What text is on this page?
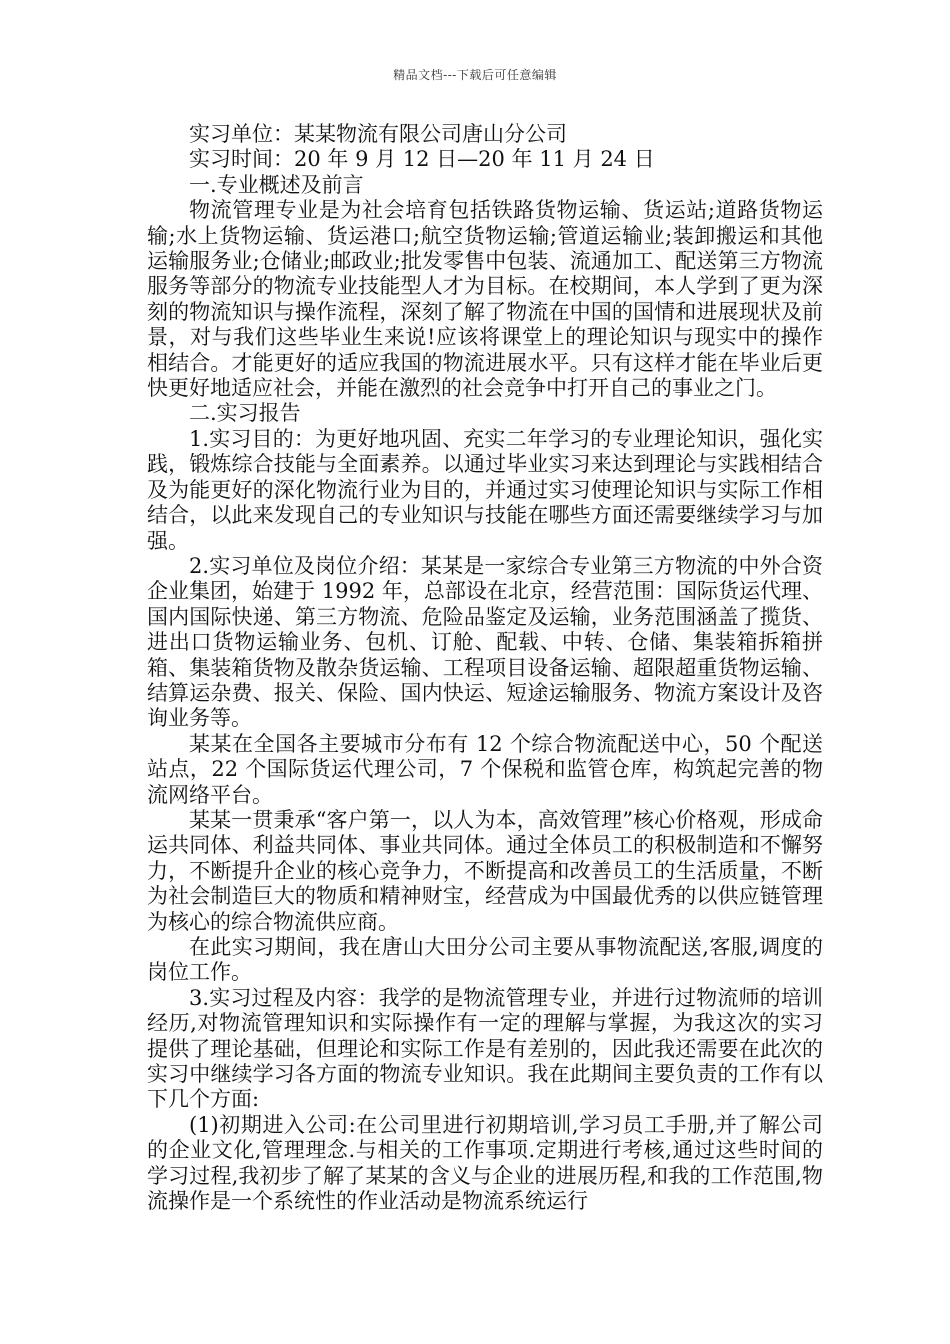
精品文档---下载后可任意编辑

实习单位：某某物流有限公司唐山分公司

实习时间：20 年 9 月 12 日—20 年 11 月 24 日

一.专业概述及前言

物流管理专业是为社会培育包括铁路货物运输、货运站;道路货物运输;水上货物运输、货运港口;航空货物运输;管道运输业;装卸搬运和其他运输服务业;仓储业;邮政业;批发零售中包装、流通加工、配送第三方物流服务等部分的物流专业技能型人才为目标。在校期间，本人学到了更为深刻的物流知识与操作流程，深刻了解了物流在中国的国情和进展现状及前景，对与我们这些毕业生来说!应该将课堂上的理论知识与现实中的操作相结合。才能更好的适应我国的物流进展水平。只有这样才能在毕业后更快更好地适应社会，并能在激烈的社会竞争中打开自己的事业之门。

二.实习报告

1.实习目的：为更好地巩固、充实二年学习的专业理论知识，强化实践，锻炼综合技能与全面素养。以通过毕业实习来达到理论与实践相结合及为能更好的深化物流行业为目的，并通过实习使理论知识与实际工作相结合，以此来发现自己的专业知识与技能在哪些方面还需要继续学习与加强。

2.实习单位及岗位介绍：某某是一家综合专业第三方物流的中外合资企业集团，始建于 1992 年，总部设在北京，经营范围：国际货运代理、国内国际快递、第三方物流、危险品鉴定及运输，业务范围涵盖了揽货、进出口货物运输业务、包机、订舱、配载、中转、仓储、集装箱拆箱拼箱、集装箱货物及散杂货运输、工程项目设备运输、超限超重货物运输、结算运杂费、报关、保险、国内快运、短途运输服务、物流方案设计及咨询业务等。

某某在全国各主要城市分布有 12 个综合物流配送中心，50 个配送站点，22 个国际货运代理公司，7 个保税和监管仓库，构筑起完善的物流网络平台。

某某一贯秉承“客户第一，以人为本，高效管理”核心价格观，形成命运共同体、利益共同体、事业共同体。通过全体员工的积极制造和不懈努力，不断提升企业的核心竞争力，不断提高和改善员工的生活质量，不断为社会制造巨大的物质和精神财宝，经营成为中国最优秀的以供应链管理为核心的综合物流供应商。

在此实习期间，我在唐山大田分公司主要从事物流配送,客服,调度的岗位工作。

3.实习过程及内容：我学的是物流管理专业，并进行过物流师的培训经历,对物流管理知识和实际操作有一定的理解与掌握，为我这次的实习提供了理论基础，但理论和实际工作是有差别的，因此我还需要在此次的实习中继续学习各方面的物流专业知识。我在此期间主要负责的工作有以下几个方面:

(1)初期进入公司:在公司里进行初期培训,学习员工手册,并了解公司的企业文化,管理理念.与相关的工作事项.定期进行考核,通过这些时间的学习过程,我初步了解了某某的含义与企业的进展历程,和我的工作范围,物流操作是一个系统性的作业活动是物流系统运行
